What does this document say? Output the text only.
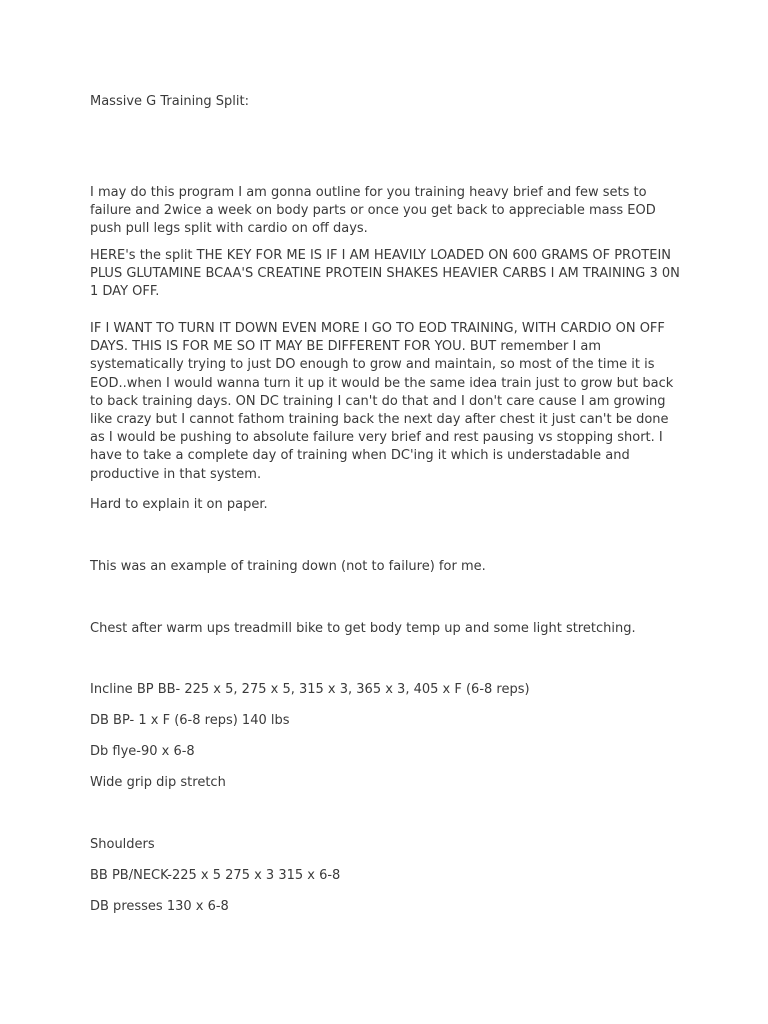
Massive G Training Split:

I may do this program I am gonna outline for you training heavy brief and few sets to failure and 2wice a week on body parts or once you get back to appreciable mass EOD push pull legs split with cardio on off days.

HERE's the split THE KEY FOR ME IS IF I AM HEAVILY LOADED ON 600 GRAMS OF PROTEIN PLUS GLUTAMINE BCAA'S CREATINE PROTEIN SHAKES HEAVIER CARBS I AM TRAINING 3 0N 1 DAY OFF.

IF I WANT TO TURN IT DOWN EVEN MORE I GO TO EOD TRAINING, WITH CARDIO ON OFF DAYS. THIS IS FOR ME SO IT MAY BE DIFFERENT FOR YOU. BUT remember I am systematically trying to just DO enough to grow and maintain, so most of the time it is EOD..when I would wanna turn it up it would be the same idea train just to grow but back to back training days. ON DC training I can't do that and I don't care cause I am growing like crazy but I cannot fathom training back the next day after chest it just can't be done as I would be pushing to absolute failure very brief and rest pausing vs stopping short. I have to take a complete day of training when DC'ing it which is understadable and productive in that system.

Hard to explain it on paper.

This was an example of training down (not to failure) for me.

Chest after warm ups treadmill bike to get body temp up and some light stretching.

Incline BP BB- 225 x 5, 275 x 5, 315 x 3, 365 x 3, 405 x F (6-8 reps)

DB BP- 1 x F (6-8 reps) 140 lbs

Db flye-90 x 6-8

Wide grip dip stretch

Shoulders

BB PB/NECK-225 x 5 275 x 3 315 x 6-8

DB presses 130 x 6-8
